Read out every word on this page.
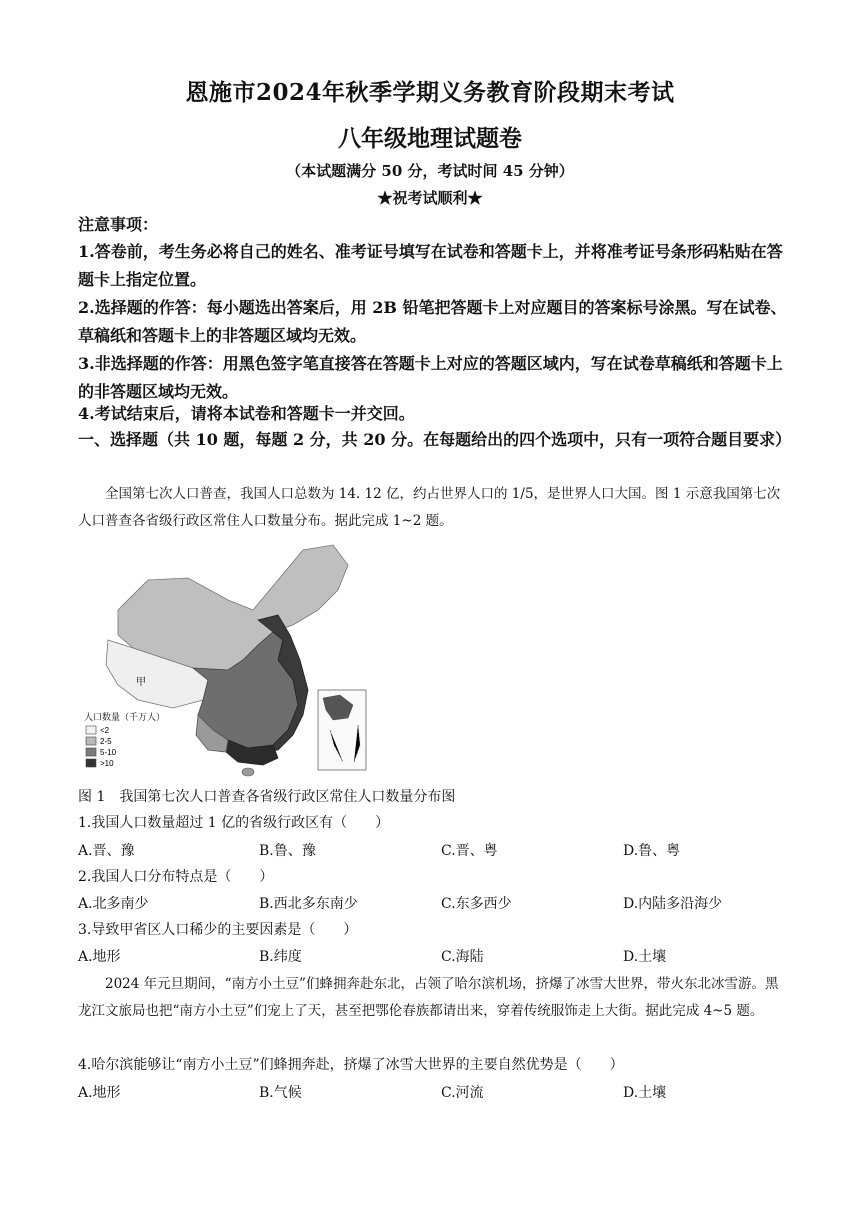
恩施市2024年秋季学期义务教育阶段期末考试
八年级地理试题卷
（本试题满分 50 分，考试时间 45 分钟）
★祝考试顺利★
注意事项：
1.答卷前，考生务必将自己的姓名、准考证号填写在试卷和答题卡上，并将准考证号条形码粘贴在答题卡上指定位置。
2.选择题的作答：每小题选出答案后，用 2B 铅笔把答题卡上对应题目的答案标号涂黑。写在试卷、草稿纸和答题卡上的非答题区域均无效。
3.非选择题的作答：用黑色签字笔直接答在答题卡上对应的答题区域内，写在试卷草稿纸和答题卡上的非答题区域均无效。
4.考试结束后，请将本试卷和答题卡一并交回。
一、选择题（共 10 题，每题 2 分，共 20 分。在每题给出的四个选项中，只有一项符合题目要求）
全国第七次人口普查，我国人口总数为 14. 12 亿，约占世界人口的 1/5，是世界人口大国。图 1 示意我国第七次人口普查各省级行政区常住人口数量分布。据此完成 1~2 题。
甲
人口数量（千万人）
<2
2-5
5-10
>10
图 1　我国第七次人口普查各省级行政区常住人口数量分布图
1.我国人口数量超过 1 亿的省级行政区有（　　）
A.晋、豫	B.鲁、豫	C.晋、粤	D.鲁、粤
2.我国人口分布特点是（　　）
A.北多南少	B.西北多东南少	C.东多西少	D.内陆多沿海少
3.导致甲省区人口稀少的主要因素是（　　）
A.地形	B.纬度	C.海陆	D.土壤
2024 年元旦期间，“南方小土豆”们蜂拥奔赴东北，占领了哈尔滨机场，挤爆了冰雪大世界，带火东北冰雪游。黑龙江文旅局也把“南方小土豆”们宠上了天，甚至把鄂伦春族都请出来，穿着传统服饰走上大街。据此完成 4~5 题。
4.哈尔滨能够让“南方小土豆”们蜂拥奔赴，挤爆了冰雪大世界的主要自然优势是（　　）
A.地形	B.气候	C.河流	D.土壤
